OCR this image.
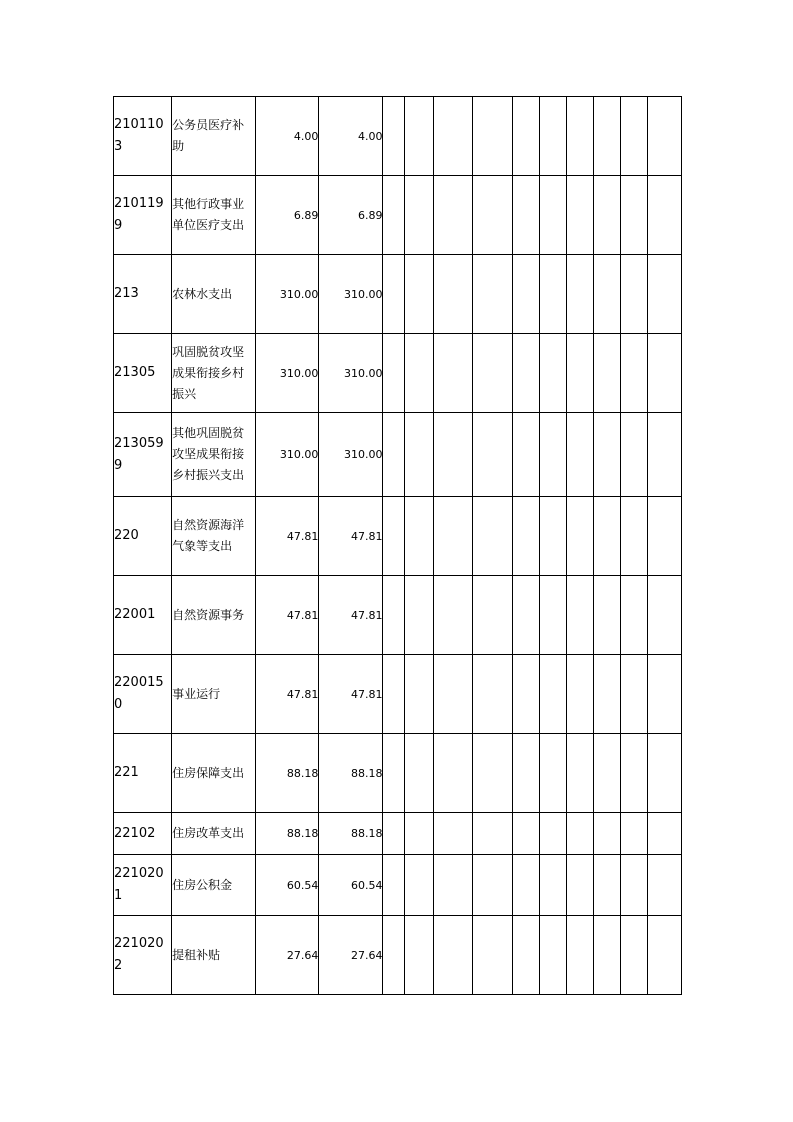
2101103	公务员医疗补助	4.00	4.00										
2101199	其他行政事业单位医疗支出	6.89	6.89										
213	农林水支出	310.00	310.00										
21305	巩固脱贫攻坚成果衔接乡村振兴	310.00	310.00										
2130599	其他巩固脱贫攻坚成果衔接乡村振兴支出	310.00	310.00										
220	自然资源海洋气象等支出	47.81	47.81										
22001	自然资源事务	47.81	47.81										
2200150	事业运行	47.81	47.81										
221	住房保障支出	88.18	88.18										
22102	住房改革支出	88.18	88.18										
2210201	住房公积金	60.54	60.54										
2210202	提租补贴	27.64	27.64										
